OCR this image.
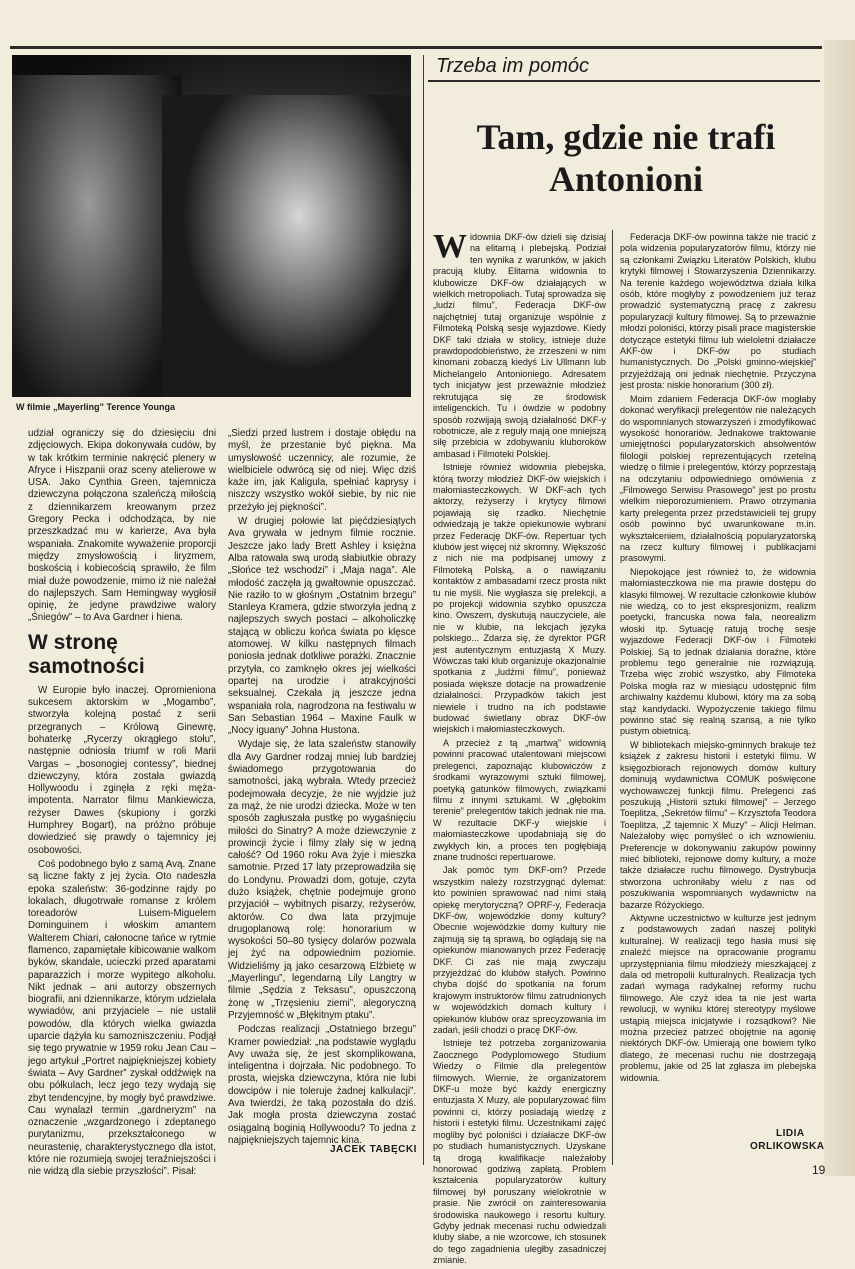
W filmie „Mayerling” Terence Younga

udział ograniczy się do dziesięciu dni zdjęciowych. Ekipa dokonywała cudów, by w tak krótkim terminie nakręcić plenery w Afryce i Hiszpanii oraz sceny atelierowe w USA. Jako Cynthia Green, tajemnicza dziewczyna połączona szaleńczą miłością z dziennikarzem kreowanym przez Gregory Pecka i odchodząca, by nie przeszkadzać mu w karierze, Ava była wspaniała. Znakomite wyważenie proporcji między zmysłowością i liryzmem, boskością i kobiecością sprawiło, że film miał duże powodzenie, mimo iż nie należał do najlepszych. Sam Hemingway wygłosił opinię, że jedyne prawdziwe walory „Śniegów” – to Ava Gardner i hiena.

W stronę samotności

W Europie było inaczej. Opromieniona sukcesem aktorskim w „Mogambo”, stworzyła kolejną postać z serii przegranych – Królową Ginewrę, bohaterkę „Rycerzy okrągłego stołu”, następnie odniosła triumf w roli Marii Vargas – „bosonogiej contessy”, biednej dziewczyny, która została gwiazdą Hollywoodu i zginęła z ręki męża-impotenta. Narrator filmu Mankiewicza, reżyser Dawes (skupiony i gorzki Humphrey Bogart), na próżno próbuje dowiedzieć się prawdy o tajemnicy jej osobowości.

Coś podobnego było z samą Avą. Znane są liczne fakty z jej życia. Oto nadeszła epoka szaleństw: 36-godzinne rajdy po lokalach, długotrwałe romanse z królem toreadorów Luisem-Miguelem Dominguinem i włoskim amantem Walterem Chiari, całonocne tańce w rytmie flamenco, zapamiętałe kibicowanie walkom byków, skandale, ucieczki przed aparatami paparazzich i morze wypitego alkoholu. Nikt jednak – ani autorzy obszernych biografii, ani dziennikarze, którym udzielała wywiadów, ani przyjaciele – nie ustalił powodów, dla których wielka gwiazda uparcie dążyła ku samozniszczeniu. Podjął się tego prywatnie w 1959 roku Jean Cau – jego artykuł „Portret najpiękniejszej kobiety świata – Avy Gardner” zyskał oddźwięk na obu półkulach, lecz jego tezy wydają się zbyt tendencyjne, by mogły być prawdziwe. Cau wynalazł termin „gardneryzm” na oznaczenie „wzgardzonego i zdeptanego purytanizmu, przekształconego w neurastenię, charakterystycznego dla istot, które nie rozumieją swojej teraźniejszości i nie widzą dla siebie przyszłości”. Pisał:

„Siedzi przed lustrem i dostaje obłędu na myśl, że przestanie być piękna. Ma umysłowość uczennicy, ale rozumie, że wielbiciele odwrócą się od niej. Więc dziś każe im, jak Kaligula, spełniać kaprysy i niszczy wszystko wokół siebie, by nic nie przeżyło jej piękności”.

W drugiej połowie lat pięćdziesiątych Ava grywała w jednym filmie rocznie. Jeszcze jako lady Brett Ashley i księżna Alba ratowała swą urodą słabiutkie obrazy „Słońce też wschodzi” i „Maja naga”. Ale młodość zaczęła ją gwałtownie opuszczać. Nie raziło to w głośnym „Ostatnim brzegu” Stanleya Kramera, gdzie stworzyła jedną z najlepszych swych postaci – alkoholiczkę stającą w obliczu końca świata po klęsce atomowej. W kilku następnych filmach poniosła jednak dotkliwe porażki. Znacznie przytyła, co zamknęło okres jej wielkości opartej na urodzie i atrakcyjności seksualnej. Czekała ją jeszcze jedna wspaniała rola, nagrodzona na festiwalu w San Sebastian 1964 – Maxine Faulk w „Nocy iguany” Johna Hustona.

Wydaje się, że lata szaleństw stanowiły dla Avy Gardner rodzaj mniej lub bardziej świadomego przygotowania do samotności, jaką wybrała. Wtedy przecież podejmowała decyzje, że nie wyjdzie już za mąż, że nie urodzi dziecka. Może w ten sposób zagłuszała pustkę po wygaśnięciu miłości do Sinatry? A może dziewczynie z prowincji życie i filmy zlały się w jedną całość? Od 1960 roku Ava żyje i mieszka samotnie. Przed 17 laty przeprowadziła się do Londynu. Prowadzi dom, gotuje, czyta dużo książek, chętnie podejmuje grono przyjaciół – wybitnych pisarzy, reżyserów, aktorów. Co dwa lata przyjmuje drugoplanową rolę: honorarium w wysokości 50–80 tysięcy dolarów pozwala jej żyć na odpowiednim poziomie. Widzieliśmy ją jako cesarzową Elżbietę w „Mayerlingu”, legendarną Lily Langtry w filmie „Sędzia z Teksasu”, opuszczoną żonę w „Trzęsieniu ziemi”, alegoryczną Przyjemność w „Błękitnym ptaku”.

Podczas realizacji „Ostatniego brzegu” Kramer powiedział: „na podstawie wyglądu Avy uważa się, że jest skomplikowana, inteligentna i dojrzała. Nic podobnego. To prosta, wiejska dziewczyna, która nie lubi dowcipów i nie toleruje żadnej kalkulacji”. Ava twierdzi, że taką pozostała do dziś. Jak mogła prosta dziewczyna zostać osiągalną boginią Hollywoodu? To jedna z najpiękniejszych tajemnic kina.

JACEK TABĘCKI
Trzeba im pomóc
Tam, gdzie nie trafi Antonioni

Widownia DKF-ów dzieli się dzisiaj na elitarną i plebejską. Podział ten wynika z warunków, w jakich pracują kluby. Elitarna widownia to klubowicze DKF-ów działających w wielkich metropoliach. Tutaj sprowadza się „ludzi filmu”, Federacja DKF-ów najchętniej tutaj organizuje wspólnie z Filmoteką Polską sesje wyjazdowe. Kiedy DKF taki działa w stolicy, istnieje duże prawdopodobieństwo, że zrzeszeni w nim kinomani zobaczą kiedyś Liv Ullmann lub Michelangelo Antonioniego. Adresatem tych inicjatyw jest przeważnie młodzież rekrutująca się ze środowisk inteligenckich. Tu i ówdzie w podobny sposób rozwijają swoją działalność DKF-y robotnicze, ale z reguły mają one mniejszą siłę przebicia w zdobywaniu kluboroków ambasad i Filmoteki Polskiej.

Istnieje również widownia plebejska, którą tworzy młodzież DKF-ów wiejskich i małomiasteczkowych. W DKF-ach tych aktorzy, reżyserzy i krytycy filmowi pojawiają się rzadko. Niechętnie odwiedzają je także opiekunowie wybrani przez Federację DKF-ów. Repertuar tych klubów jest więcej niż skromny. Większość z nich nie ma podpisanej umowy z Filmoteką Polską, a o nawiązaniu kontaktów z ambasadami rzecz prosta nikt tu nie myśli. Nie wygłasza się prelekcji, a po projekcji widownia szybko opuszcza kino. Owszem, dyskutują nauczyciele, ale nie w klubie, na lekcjach języka polskiego... Zdarza się, że dyrektor PGR jest autentycznym entuzjastą X Muzy. Wówczas taki klub organizuje okazjonalnie spotkania z „ludźmi filmu”, ponieważ posiada większe dotacje na prowadzenie działalności. Przypadków takich jest niewiele i trudno na ich podstawie budować świetlany obraz DKF-ów wiejskich i małomiasteczkowych.

A przecież z tą „martwą” widownią powinni pracować utalentowani miejscowi prelegenci, zapoznając klubowiczów z środkami wyrazowymi sztuki filmowej, poetyką gatunków filmowych, związkami filmu z innymi sztukami. W „głębokim terenie” prelegentów takich jednak nie ma. W rezultacie DKF-y wiejskie i małomiasteczkowe upodabniają się do zwykłych kin, a proces ten pogłębiają znane trudności repertuarowe.

Jak pomóc tym DKF-om? Przede wszystkim należy rozstrzygnąć dylemat: kto powinien sprawować nad nimi stałą opiekę merytoryczną? OPRF-y, Federacja DKF-ów, wojewódzkie domy kultury? Obecnie wojewódzkie domy kultury nie zajmują się tą sprawą, bo oglądają się na opiekunów mianowanych przez Federację DKF. Ci zaś nie mają zwyczaju przyjeżdżać do klubów stałych. Powinno chyba dojść do spotkania na forum krajowym instruktorów filmu zatrudnionych w wojewódzkich domach kultury i opiekunów klubów oraz sprecyzowania im zadań, jeśli chodzi o pracę DKF-ów.

Istnieje też potrzeba zorganizowania Zaocznego Podyplomowego Studium Wiedzy o Filmie dla prelegentów filmowych. Wiernie, że organizatorem DKF-u może być każdy energiczny entuzjasta X Muzy, ale popularyzować film powinni ci, którzy posiadają wiedzę z historii i estetyki filmu. Uczestnikami zajęć mogliby być poloniści i działacze DKF-ów po studiach humanistycznych. Uzyskane tą drogą kwalifikacje należałoby honorować godziwą zapłatą. Problem kształcenia popularyzatorów kultury filmowej był poruszany wielokrotnie w prasie. Nie zwrócił on zainteresowania środowiska naukowego i resortu kultury. Gdyby jednak mecenasi ruchu odwiedzali kluby słabe, a nie wzorcowe, ich stosunek do tego zagadnienia uległby zasadniczej zmianie.

Federacja DKF-ów powinna także nie tracić z pola widzenia popularyzatorów filmu, którzy nie są członkami Związku Literatów Polskich, klubu krytyki filmowej i Stowarzyszenia Dziennikarzy. Na terenie każdego województwa działa kilka osób, które mogłyby z powodzeniem już teraz prowadzić systematyczną pracę z zakresu popularyzacji kultury filmowej. Są to przeważnie młodzi poloniści, którzy pisali prace magisterskie dotyczące estetyki filmu lub wieloletni działacze AKF-ów i DKF-ów po studiach humanistycznych. Do „Polski gminno-wiejskiej” przyjeżdżają oni jednak niechętnie. Przyczyna jest prosta: niskie honorarium (300 zł).

Moim zdaniem Federacja DKF-ów mogłaby dokonać weryfikacji prelegentów nie należących do wspomnianych stowarzyszeń i zmodyfikować wysokość honorariów. Jednakowe traktowanie umiejętności popularyzatorskich absolwentów filologii polskiej reprezentujących rzetelną wiedzę o filmie i prelegentów, którzy poprzestają na odczytaniu odpowiedniego omówienia z „Filmowego Serwisu Prasowego” jest po prostu wielkim nieporozumieniem. Prawo otrzymania karty prelegenta przez przedstawicieli tej grupy osób powinno być uwarunkowane m.in. wykształceniem, działalnością popularyzatorską na rzecz kultury filmowej i publikacjami prasowymi.

Niepokojące jest również to, że widownia małomiasteczkowa nie ma prawie dostępu do klasyki filmowej. W rezultacie członkowie klubów nie wiedzą, co to jest ekspresjonizm, realizm poetycki, francuska nowa fala, neorealizm włoski itp. Sytuację ratują trochę sesje wyjazdowe Federacji DKF-ów i Filmoteki Polskiej. Są to jednak działania doraźne, które problemu tego generalnie nie rozwiązują. Trzeba więc zrobić wszystko, aby Filmoteka Polska mogła raz w miesiącu udostępnić film archiwalny każdemu klubowi, który ma za sobą stąż kandydacki. Wypożyczenie takiego filmu powinno stać się realną szansą, a nie tylko pustym obietnicą.

W bibliotekach miejsko-gminnych brakuje też książek z zakresu historii i estetyki filmu. W księgozbiorach rejonowych domów kultury dominują wydawnictwa COMUK poświęcone wychowawczej funkcji filmu. Prelegenci zaś poszukują „Historii sztuki filmowej” – Jerzego Toeplitza, „Sekretów filmu” – Krzysztofa Teodora Toeplitza, „Z tajemnic X Muzy” – Alicji Helman. Należałoby więc pomyśleć o ich wznowieniu. Preferencje w dokonywaniu zakupów powinny mieć biblioteki, rejonowe domy kultury, a może także działacze ruchu filmowego. Dystrybucja stworzona uchroniłaby wielu z nas od poszukiwania wspomnianych wydawnictw na bazarze Różyckiego.

Aktywne uczestnictwo w kulturze jest jednym z podstawowych zadań naszej polityki kulturalnej. W realizacji tego hasła musi się znaleźć miejsce na opracowanie programu uprzystępniania filmu młodzieży mieszkającej z dala od metropolii kulturalnych. Realizacja tych zadań wymaga radykalnej reformy ruchu filmowego. Ale czyż idea ta nie jest warta rewolucji, w wyniku której stereotypy myślowe ustąpią miejsca inicjatywie i rozsądkowi? Nie można przecież patrzeć obojętnie na agonię niektórych DKF-ów. Umierają one bowiem tylko dlatego, że mecenasi ruchu nie dostrzegają problemu, jakie od 25 lat zgłasza im plebejska widownia.

LIDIA
ORLIKOWSKA
19
